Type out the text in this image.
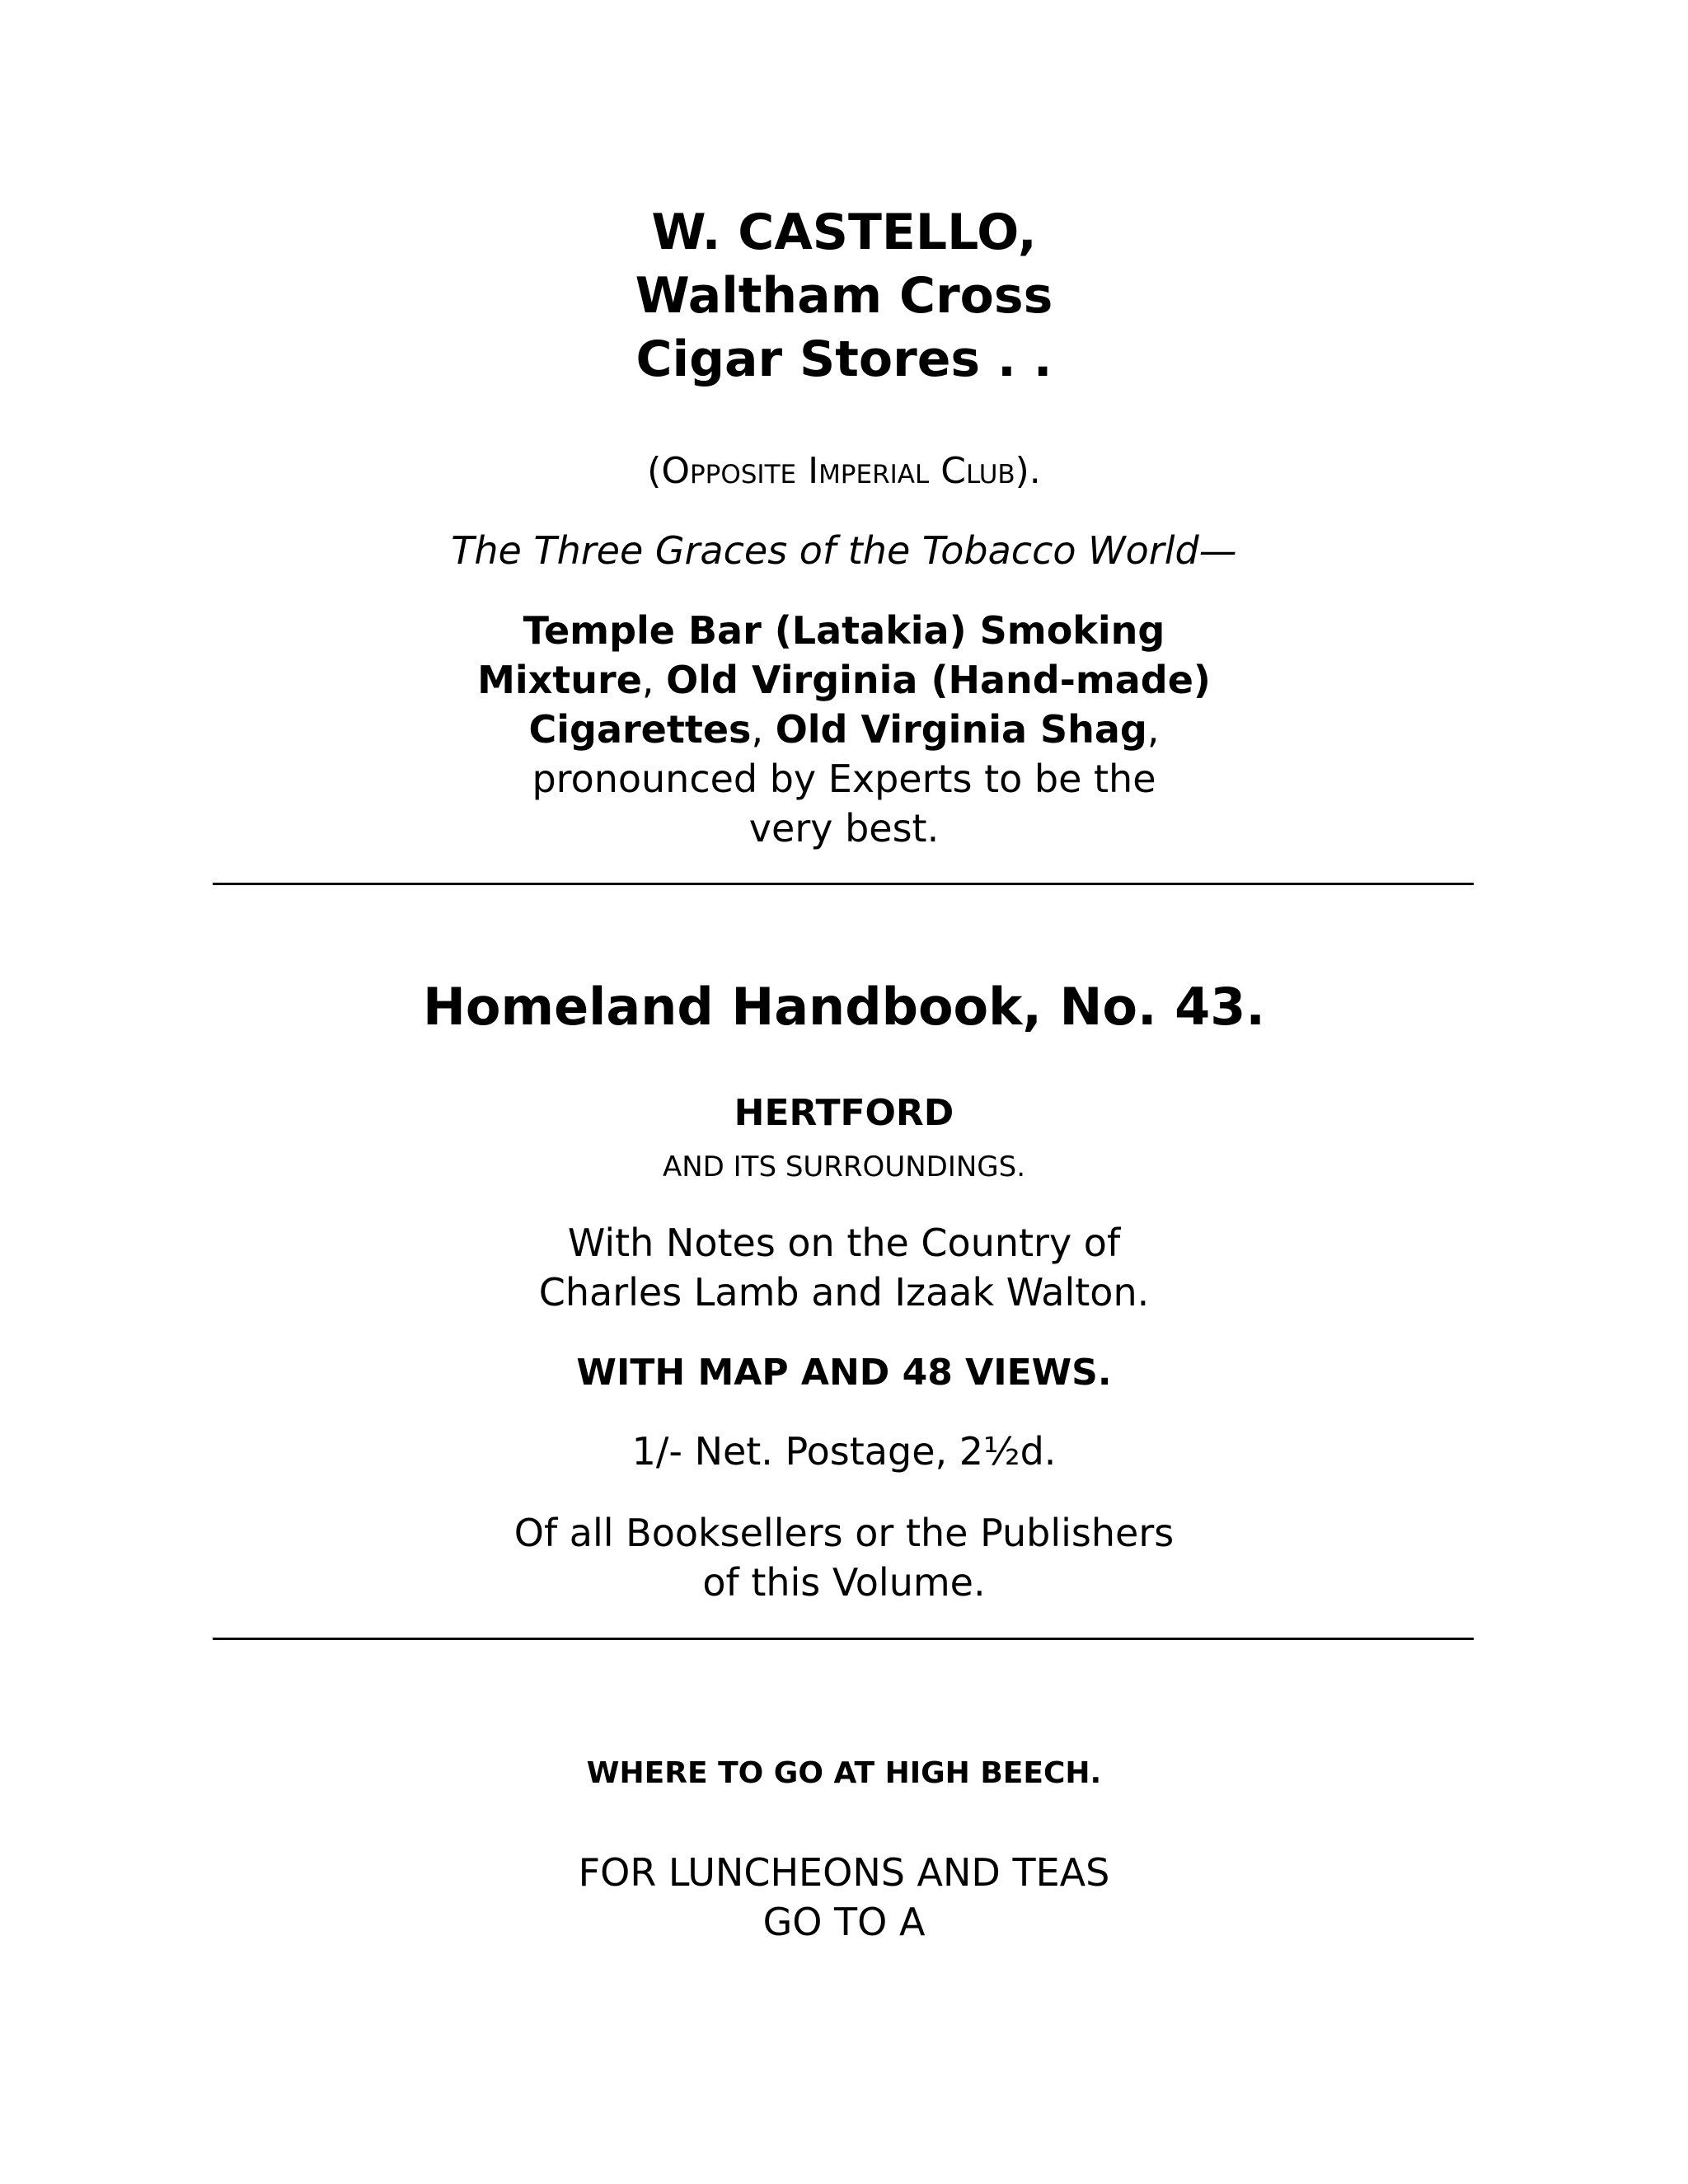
W. CASTELLO,
Waltham Cross
Cigar Stores . .
(Opposite Imperial Club).
The Three Graces of the Tobacco World—
Temple Bar (Latakia) Smoking
Mixture, Old Virginia (Hand-made)
Cigarettes, Old Virginia Shag,
pronounced by Experts to be the
very best.
Homeland Handbook, No. 43.
HERTFORD
AND ITS SURROUNDINGS.
With Notes on the Country of
Charles Lamb and Izaak Walton.
WITH MAP AND 48 VIEWS.
1/- Net. Postage, 2½d.
Of all Booksellers or the Publishers
of this Volume.
WHERE TO GO AT HIGH BEECH.
FOR LUNCHEONS AND TEAS
GO TO A
